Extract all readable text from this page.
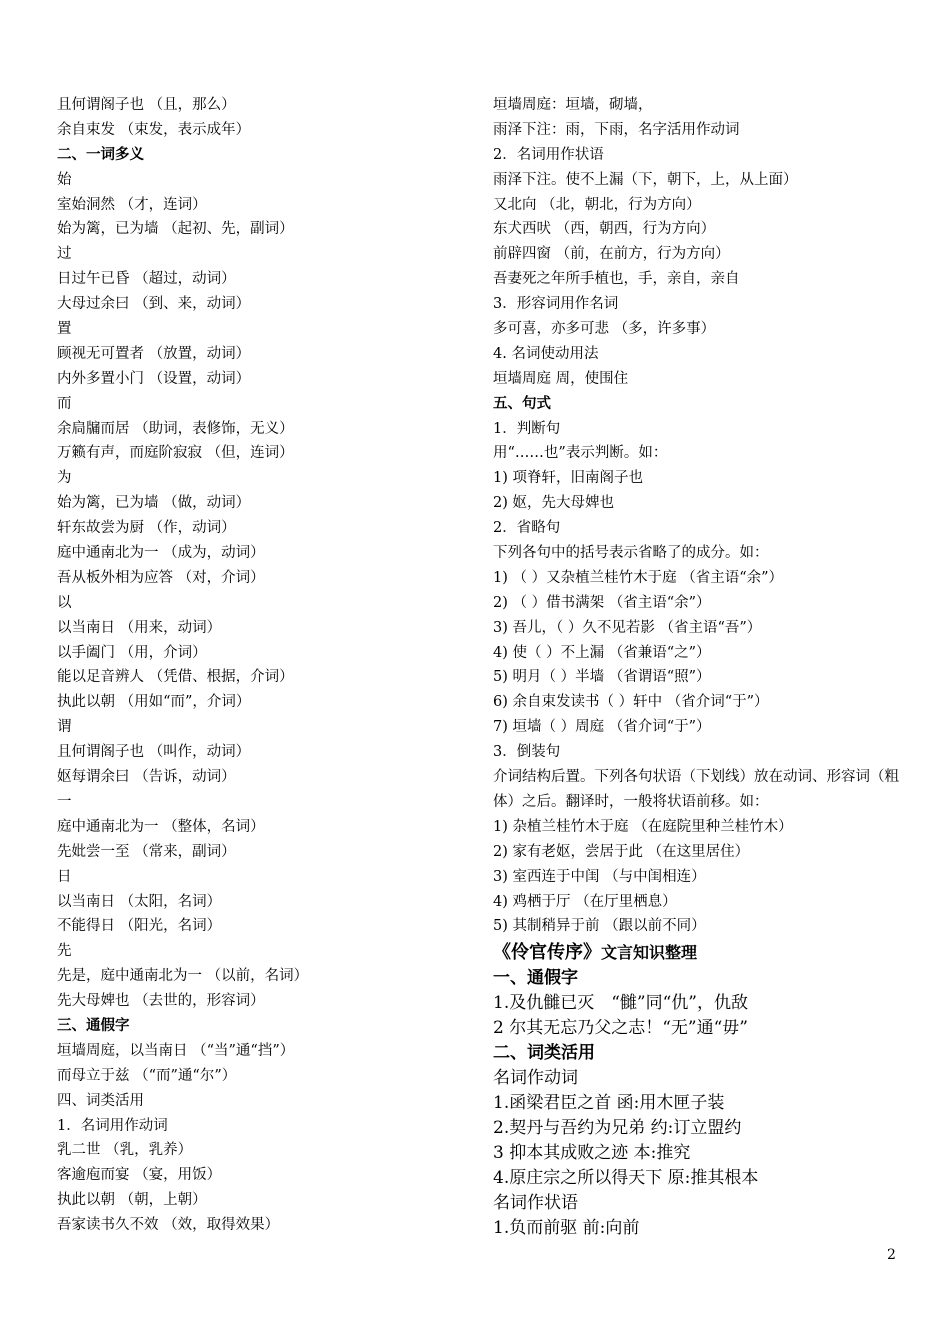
且何谓阁子也 （且，那么）
余自束发 （束发，表示成年）
二、一词多义
始
室始洞然 （才，连词）
始为篱，已为墙 （起初、先，副词）
过
日过午已昏 （超过，动词）
大母过余曰 （到、来，动词）
置
顾视无可置者 （放置，动词）
内外多置小门 （设置，动词）
而
余扃牖而居 （助词，表修饰，无义）
万籁有声，而庭阶寂寂 （但，连词）
为
始为篱，已为墙 （做，动词）
轩东故尝为厨 （作，动词）
庭中通南北为一 （成为，动词）
吾从板外相为应答 （对，介词）
以
以当南日 （用来，动词）
以手阖门 （用，介词）
能以足音辨人 （凭借、根据，介词）
执此以朝 （用如“而”，介词）
谓
且何谓阁子也 （叫作，动词）
妪每谓余曰 （告诉，动词）
一
庭中通南北为一 （整体，名词）
先妣尝一至 （常来，副词）
日
以当南日 （太阳，名词）
不能得日 （阳光，名词）
先
先是，庭中通南北为一 （以前，名词）
先大母婢也 （去世的，形容词）
三、通假字
垣墙周庭，以当南日 （“当”通“挡”）
而母立于兹 （“而”通“尔”）
四、词类活用
1．名词用作动词
乳二世 （乳，乳养）
客逾庖而宴 （宴，用饭）
执此以朝 （朝，上朝）
吾家读书久不效 （效，取得效果）
垣墙周庭：垣墙，砌墙，
雨泽下注：雨，下雨，名字活用作动词
2．名词用作状语
雨泽下注。使不上漏（下，朝下，上，从上面）
又北向 （北，朝北，行为方向）
东犬西吠 （西，朝西，行为方向）
前辟四窗 （前，在前方，行为方向）
吾妻死之年所手植也，手，亲自，亲自
3．形容词用作名词
多可喜，亦多可悲 （多，许多事）
4. 名词使动用法
垣墙周庭 周，使围住
五、句式
1．判断句
用“……也”表示判断。如：
1) 项脊轩，旧南阁子也
2) 妪，先大母婢也
2．省略句
下列各句中的括号表示省略了的成分。如：
1) （ ）又杂植兰桂竹木于庭 （省主语“余”）
2) （ ）借书满架 （省主语“余”）
3) 吾儿，（ ）久不见若影 （省主语“吾”）
4) 使（ ）不上漏 （省兼语“之”）
5) 明月（ ）半墙 （省谓语“照”）
6) 余自束发读书（ ）轩中 （省介词“于”）
7) 垣墙（ ）周庭 （省介词“于”）
3．倒装句
介词结构后置。下列各句状语（下划线）放在动词、形容词（粗体）之后。翻译时，一般将状语前移。如：
1) 杂植兰桂竹木于庭 （在庭院里种兰桂竹木）
2) 家有老妪，尝居于此 （在这里居住）
3) 室西连于中闺 （与中闺相连）
4) 鸡栖于厅 （在厅里栖息）
5) 其制稍异于前 （跟以前不同）
《伶官传序》文言知识整理
一、通假字
1.及仇雠已灭　“雠”同“仇”，仇敌
2 尔其无忘乃父之志！“无”通“毋”
二、词类活用
名词作动词
1.函梁君臣之首 函:用木匣子装
2.契丹与吾约为兄弟 约:订立盟约
3 抑本其成败之迹 本:推究
4.原庄宗之所以得天下 原:推其根本
名词作状语
1.负而前驱 前:向前
2
